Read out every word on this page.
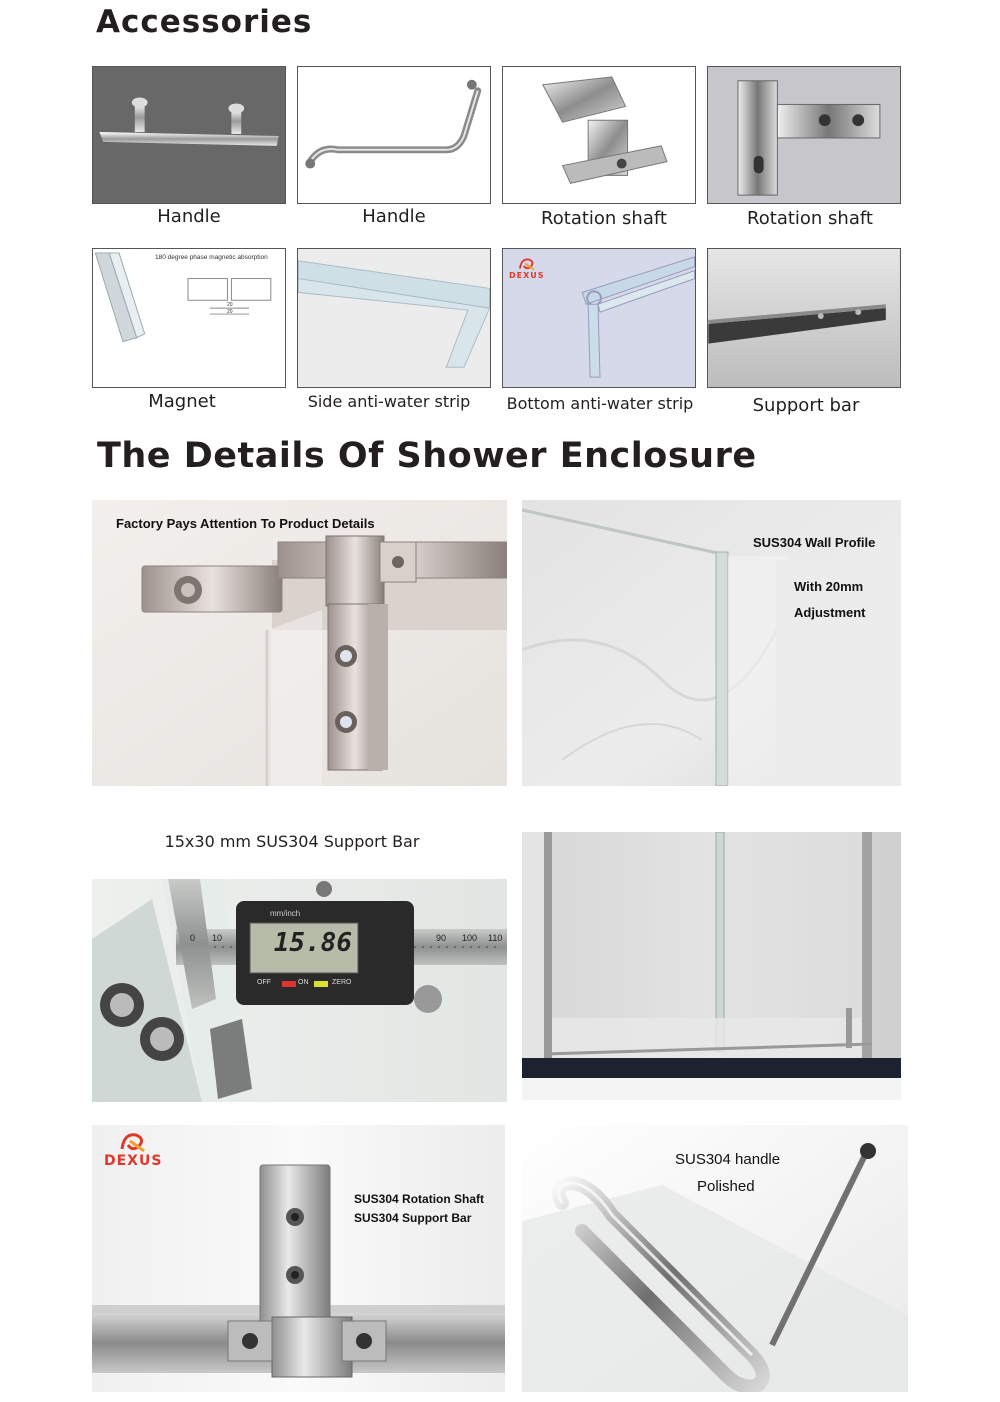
Accessories
Handle	Handle	Rotation shaft	Rotation shaft
180 degree phase magnetic absorption
20
20
Magnet	Side anti-water strip
DEXUS
Bottom anti-water strip	Support bar
The Details Of Shower Enclosure
Factory Pays Attention To Product Details
SUS304 Wall Profile
With 20mm
Adjustment
15x30 mm SUS304 Support Bar
15.86
mm/inch
OFF	ON	ZERO
0 10	90 100 110
DEXUS
SUS304 Rotation Shaft
SUS304 Support Bar
SUS304 handle
Polished
